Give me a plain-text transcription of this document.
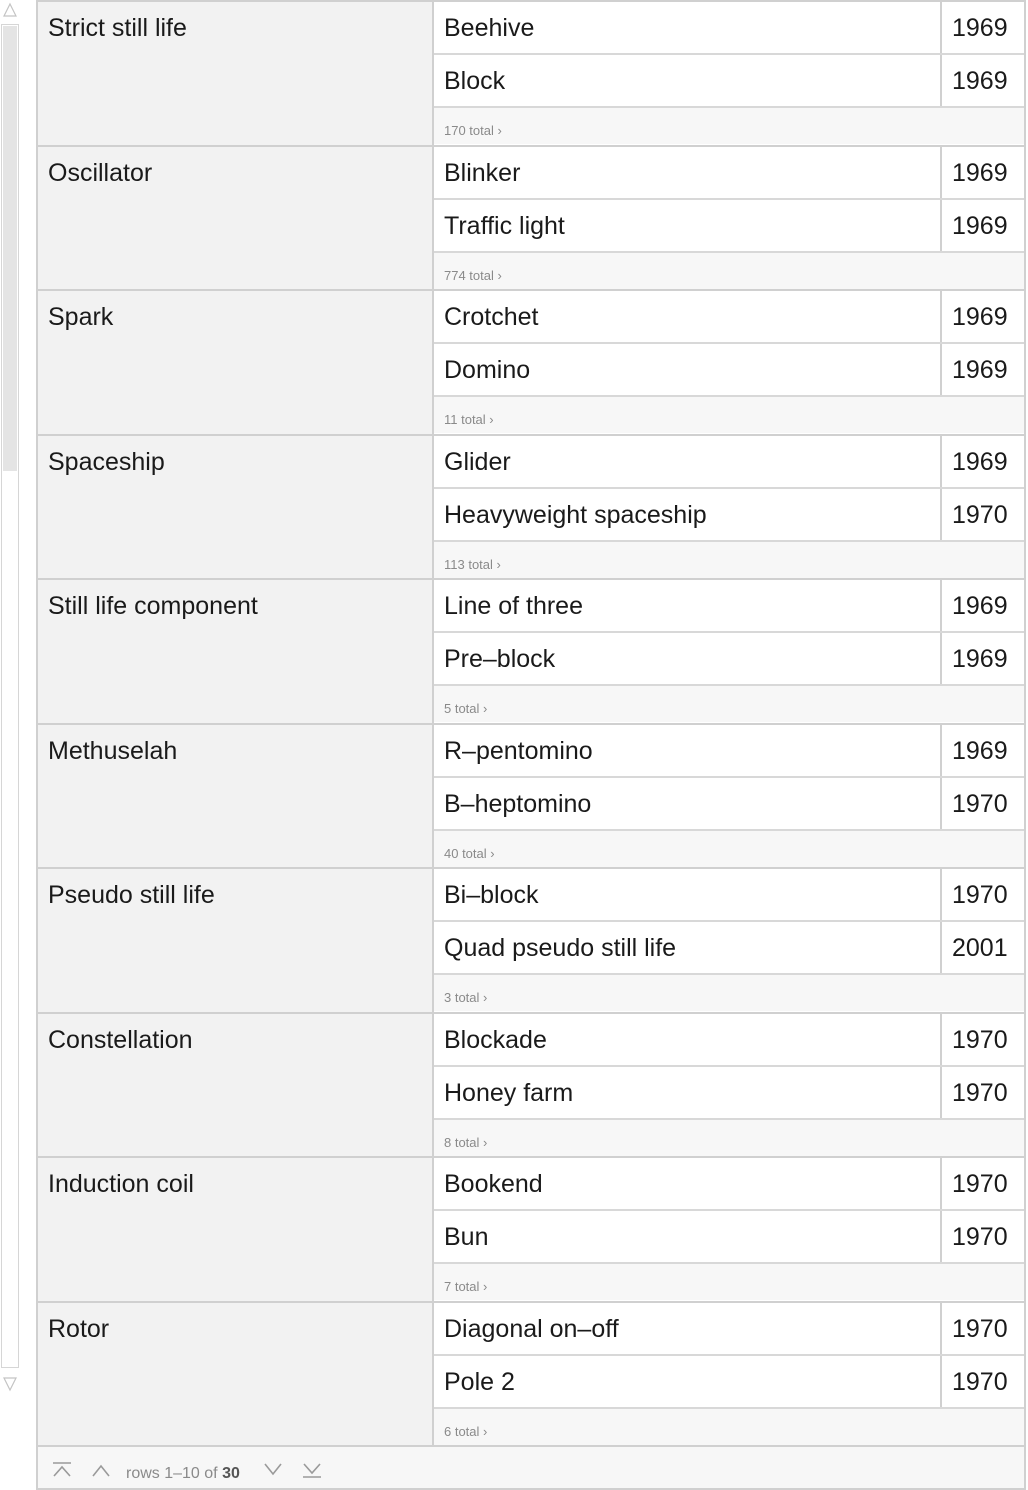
Strict still life	Beehive	1969
Block	1969
170 total ›
Oscillator	Blinker	1969
Traffic light	1969
774 total ›
Spark	Crotchet	1969
Domino	1969
11 total ›
Spaceship	Glider	1969
Heavyweight spaceship	1970
113 total ›
Still life component	Line of three	1969
Pre–block	1969
5 total ›
Methuselah	R–pentomino	1969
B–heptomino	1970
40 total ›
Pseudo still life	Bi–block	1970
Quad pseudo still life	2001
3 total ›
Constellation	Blockade	1970
Honey farm	1970
8 total ›
Induction coil	Bookend	1970
Bun	1970
7 total ›
Rotor	Diagonal on–off	1970
Pole 2	1970
6 total ›
rows 1–10 of 30
